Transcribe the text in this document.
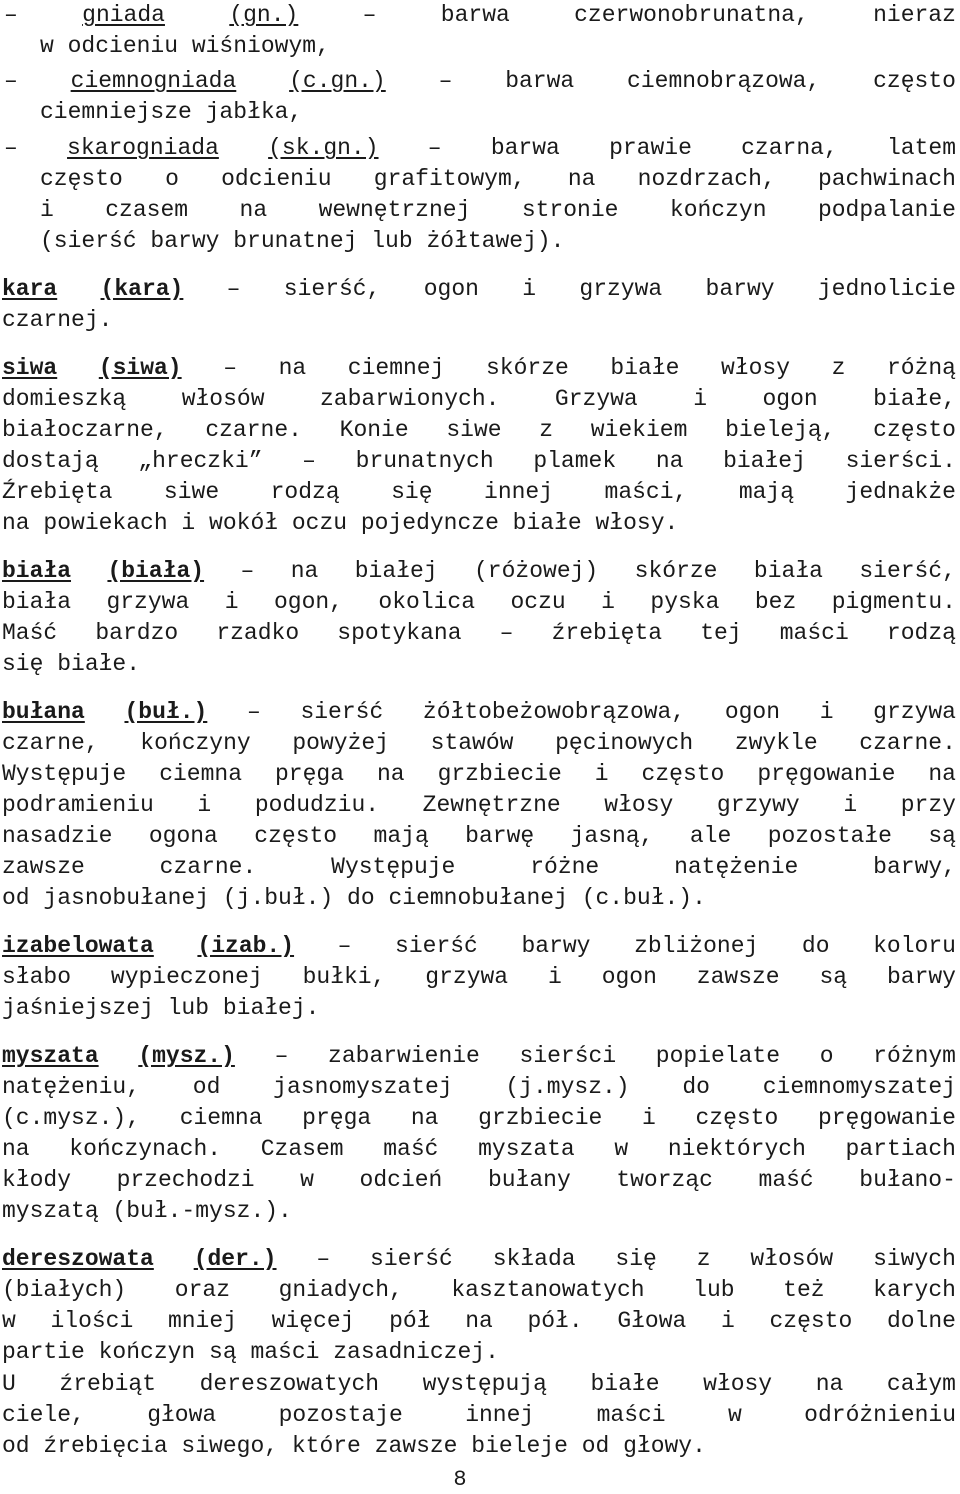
–	gniada	(gn.)	–	barwa	czerwonobrunatna,	nieraz
w odcieniu wiśniowym,
– ciemnogniada (c.gn.) – barwa ciemnobrązowa, często
ciemniejsze jabłka,
– skarogniada (sk.gn.) – barwa prawie czarna, latem
często o odcieniu grafitowym, na nozdrzach, pachwinach
i czasem na wewnętrznej stronie kończyn podpalanie
(sierść barwy brunatnej lub żółtawej).
kara (kara) – sierść, ogon i grzywa barwy jednolicie
czarnej.
siwa (siwa) – na ciemnej skórze białe włosy z różną
domieszką włosów zabarwionych. Grzywa i ogon białe,
białoczarne, czarne. Konie siwe z wiekiem bieleją, często
dostają „hreczki” – brunatnych plamek na białej sierści.
Źrebięta siwe rodzą się innej maści, mają jednakże
na powiekach i wokół oczu pojedyncze białe włosy.
biała (biała) – na białej (różowej) skórze biała sierść,
biała grzywa i ogon, okolica oczu i pyska bez pigmentu.
Maść bardzo rzadko spotykana – źrebięta tej maści rodzą
się białe.
bułana (buł.) – sierść żółtobeżowobrązowa, ogon i grzywa
czarne, kończyny powyżej stawów pęcinowych zwykle czarne.
Występuje ciemna pręga na grzbiecie i często pręgowanie na
podramieniu i podudziu. Zewnętrzne włosy grzywy i przy
nasadzie ogona często mają barwę jasną, ale pozostałe są
zawsze	czarne.	Występuje	różne	natężenie	barwy,
od jasnobułanej (j.buł.) do ciemnobułanej (c.buł.).
izabelowata (izab.) – sierść barwy zbliżonej do koloru
słabo wypieczonej bułki, grzywa i ogon zawsze są barwy
jaśniejszej lub białej.
myszata (mysz.) – zabarwienie sierści popielate o różnym
natężeniu, od jasnomyszatej (j.mysz.) do ciemnomyszatej
(c.mysz.), ciemna pręga na grzbiecie i często pręgowanie
na kończynach. Czasem maść myszata w niektórych partiach
kłody przechodzi w odcień bułany tworząc maść bułano-
myszatą (buł.-mysz.).
dereszowata (der.) – sierść składa się z włosów siwych
(białych) oraz gniadych, kasztanowatych lub też karych
w ilości mniej więcej pół na pół. Głowa i często dolne
partie kończyn są maści zasadniczej.
U źrebiąt dereszowatych występują białe włosy na całym
ciele,	głowa	pozostaje	innej	maści	w	odróżnieniu
od źrebięcia siwego, które zawsze bieleje od głowy.
8
